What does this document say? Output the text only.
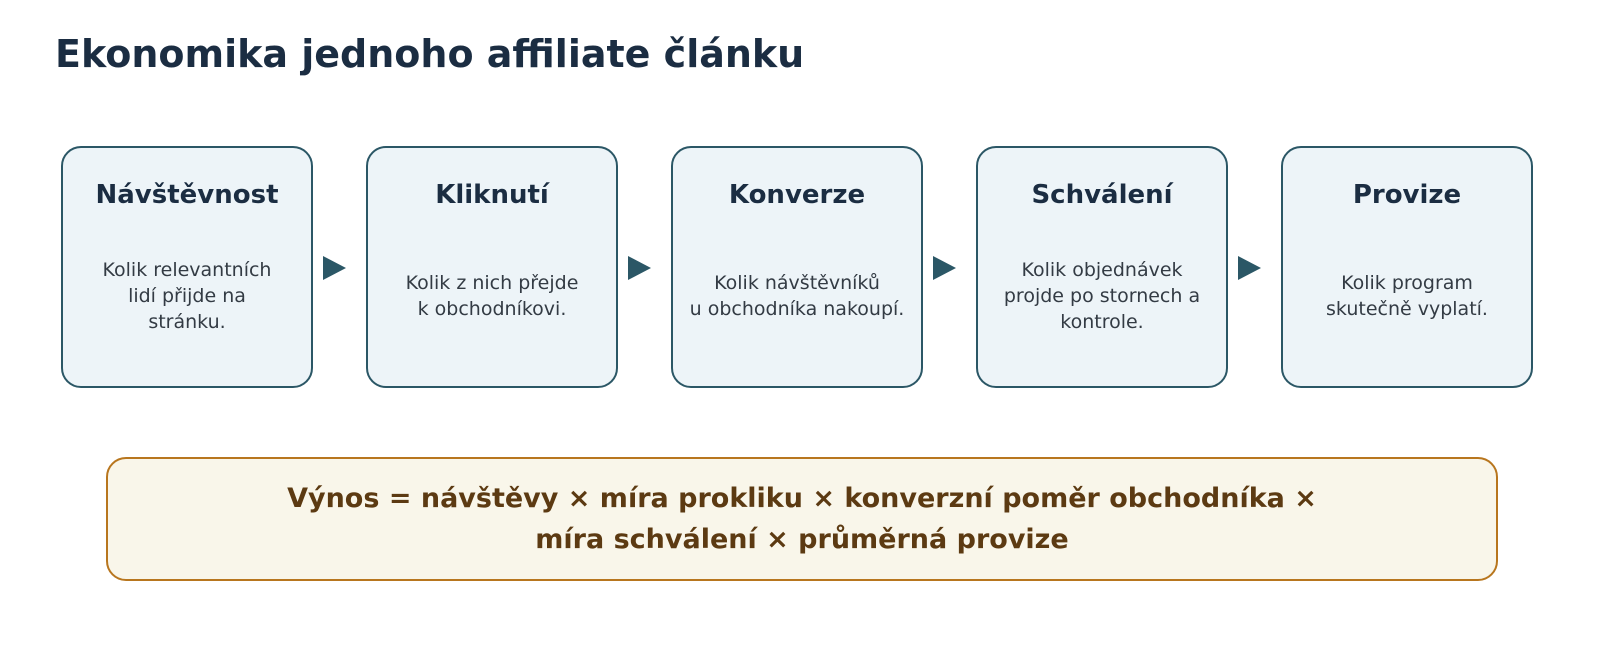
Ekonomika jednoho affiliate článku
Návštěvnost
Kolik relevantních
lidí přijde na
stránku.
Kliknutí
Kolik z nich přejde
k obchodníkovi.
Konverze
Kolik návštěvníků
u obchodníka nakoupí.
Schválení
Kolik objednávek
projde po stornech a
kontrole.
Provize
Kolik program
skutečně vyplatí.
Výnos = návštěvy × míra prokliku × konverzní poměr obchodníka ×
míra schválení × průměrná provize
